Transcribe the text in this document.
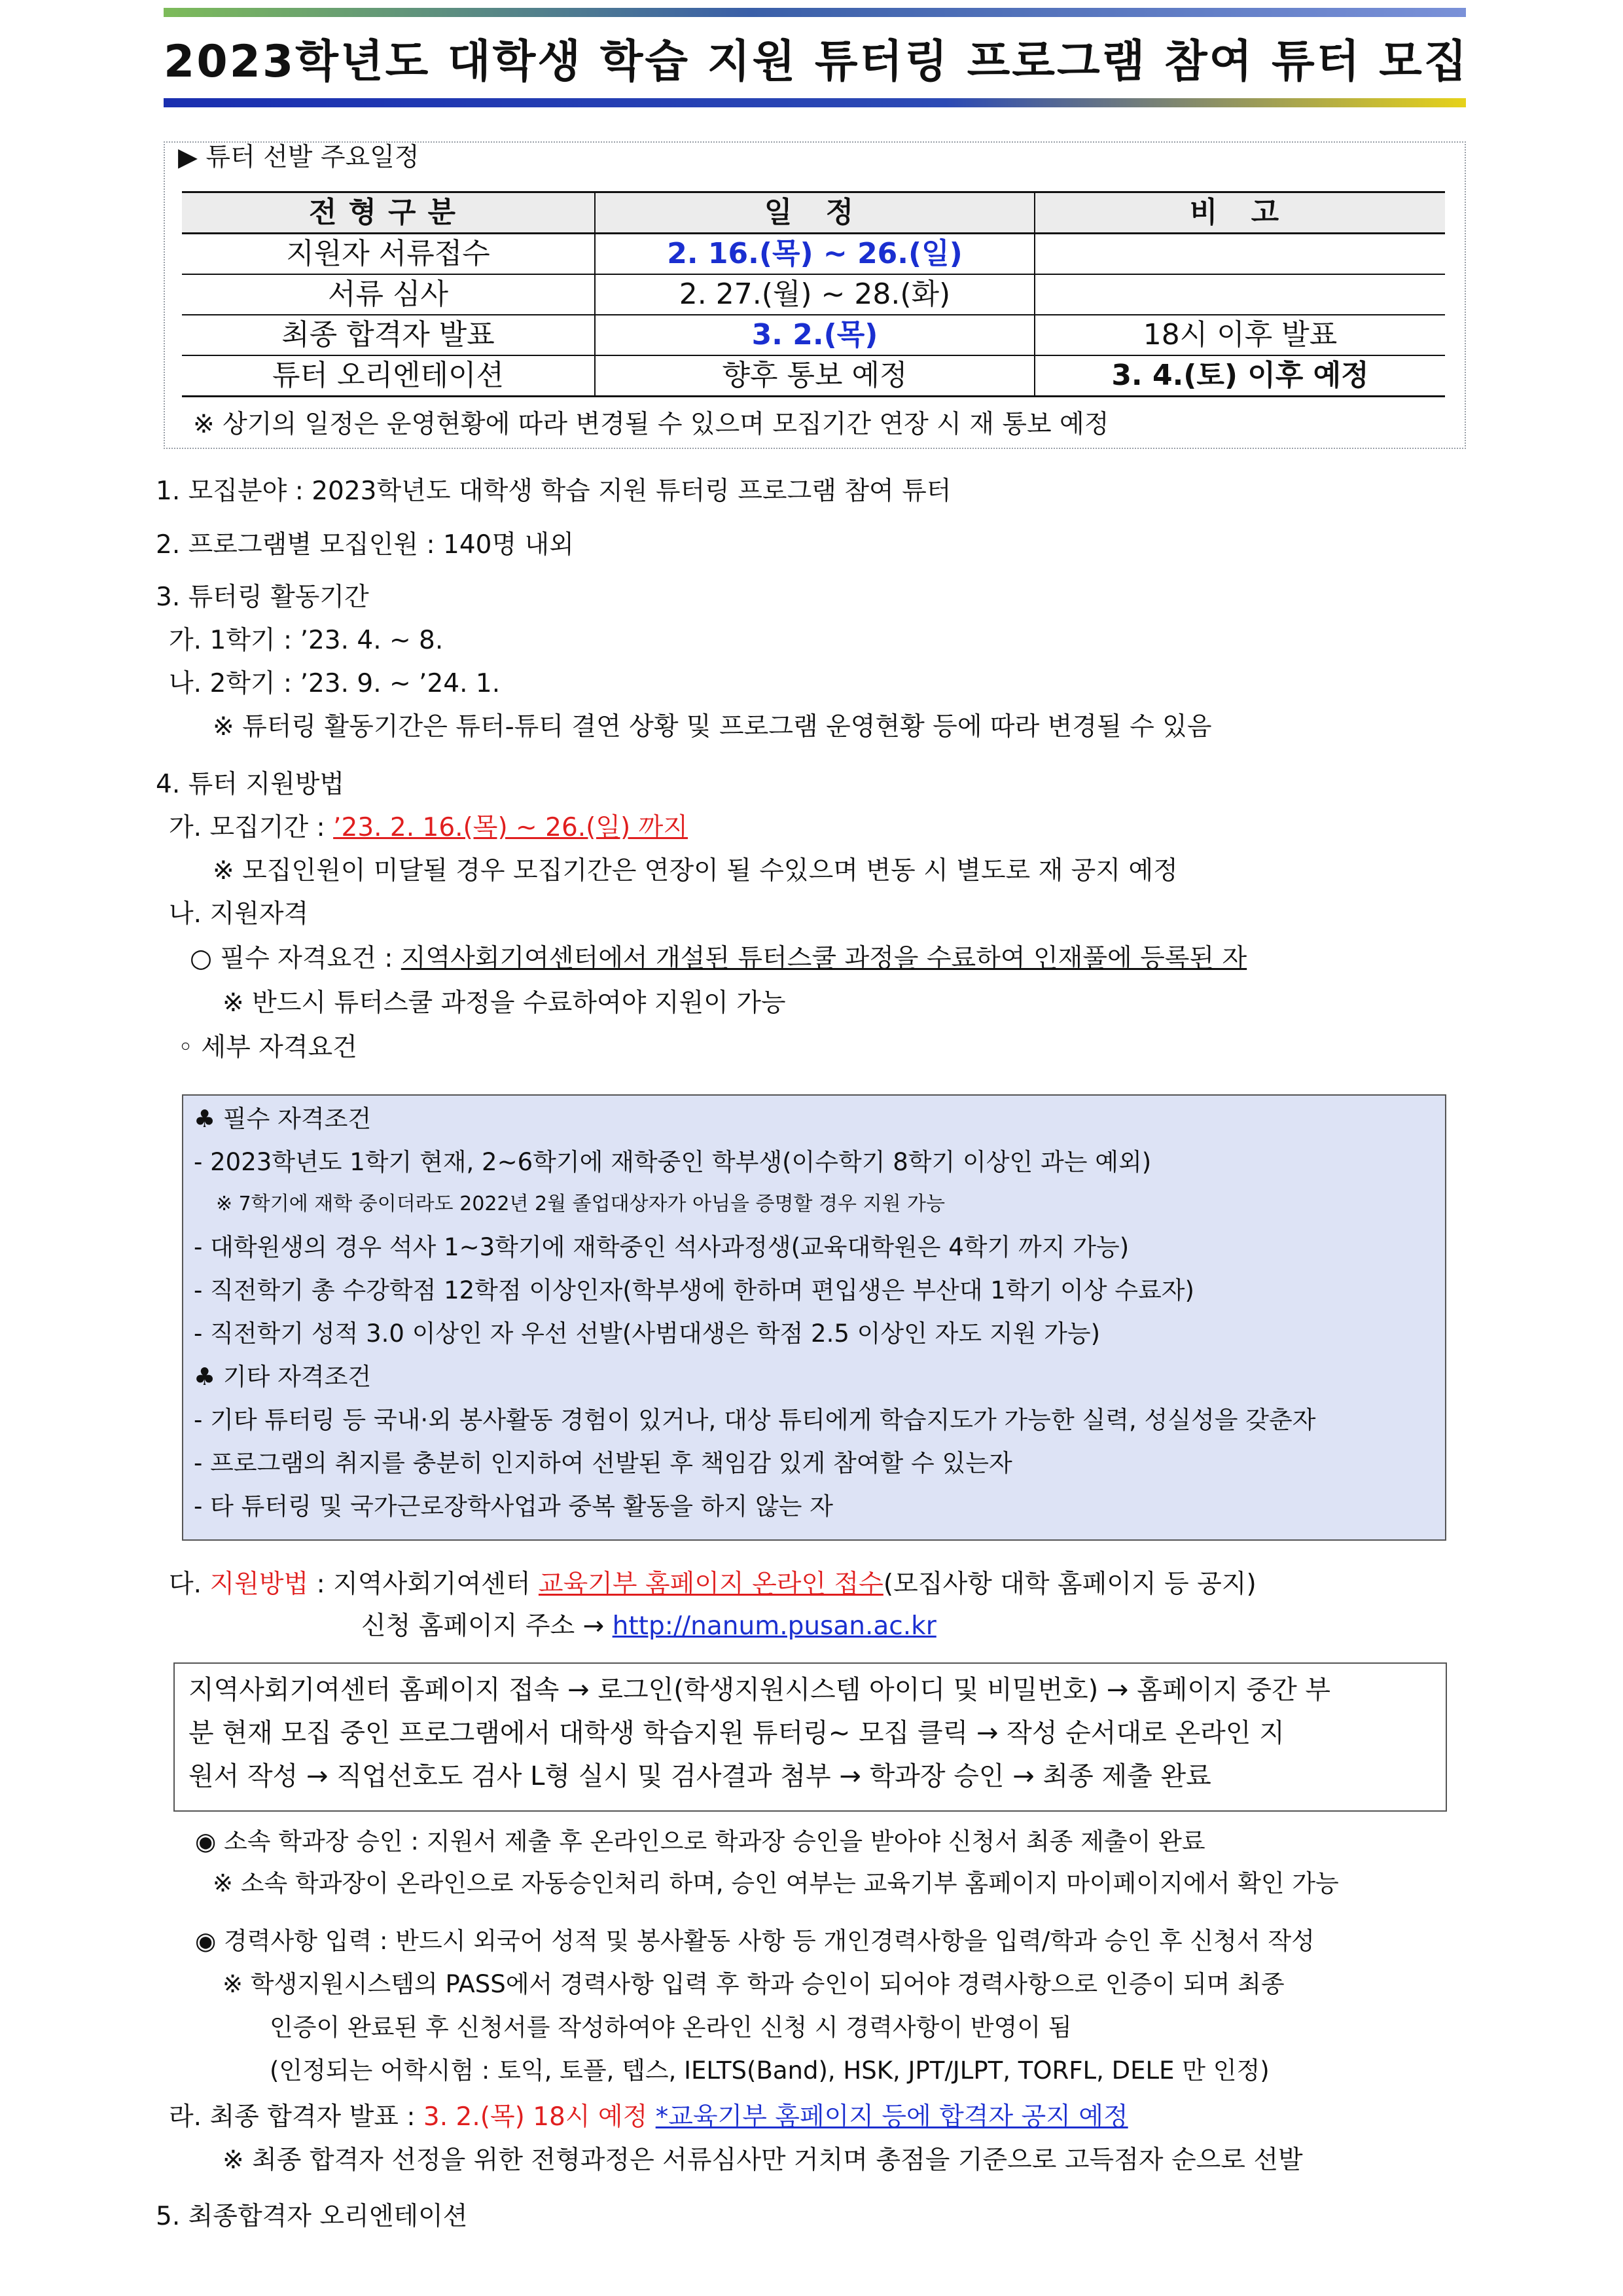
2023학년도 대학생 학습 지원 튜터링 프로그램 참여 튜터 모집
▶ 튜터 선발 주요일정
전형구분	일 정	비 고
지원자 서류접수	2. 16.(목) ~ 26.(일)	
서류 심사	2. 27.(월) ~ 28.(화)	
최종 합격자 발표	3. 2.(목)	18시 이후 발표
튜터 오리엔테이션	향후 통보 예정	3. 4.(토) 이후 예정
※ 상기의 일정은 운영현황에 따라 변경될 수 있으며 모집기간 연장 시 재 통보 예정
1. 모집분야 : 2023학년도 대학생 학습 지원 튜터링 프로그램 참여 튜터
2. 프로그램별 모집인원 : 140명 내외
3. 튜터링 활동기간
가. 1학기 : ’23. 4. ~ 8.
나. 2학기 : ’23. 9. ~ ’24. 1.
※ 튜터링 활동기간은 튜터-튜티 결연 상황 및 프로그램 운영현황 등에 따라 변경될 수 있음
4. 튜터 지원방법
가. 모집기간 : ’23. 2. 16.(목) ~ 26.(일) 까지
※ 모집인원이 미달될 경우 모집기간은 연장이 될 수있으며 변동 시 별도로 재 공지 예정
나. 지원자격
○ 필수 자격요건 : 지역사회기여센터에서 개설된 튜터스쿨 과정을 수료하여 인재풀에 등록된 자
※ 반드시 튜터스쿨 과정을 수료하여야 지원이 가능
◦ 세부 자격요건
♣ 필수 자격조건
- 2023학년도 1학기 현재, 2~6학기에 재학중인 학부생(이수학기 8학기 이상인 과는 예외)
※ 7학기에 재학 중이더라도 2022년 2월 졸업대상자가 아님을 증명할 경우 지원 가능
- 대학원생의 경우 석사 1~3학기에 재학중인 석사과정생(교육대학원은 4학기 까지 가능)
- 직전학기 총 수강학점 12학점 이상인자(학부생에 한하며 편입생은 부산대 1학기 이상 수료자)
- 직전학기 성적 3.0 이상인 자 우선 선발(사범대생은 학점 2.5 이상인 자도 지원 가능)
♣ 기타 자격조건
- 기타 튜터링 등 국내·외 봉사활동 경험이 있거나, 대상 튜티에게 학습지도가 가능한 실력, 성실성을 갖춘자
- 프로그램의 취지를 충분히 인지하여 선발된 후 책임감 있게 참여할 수 있는자
- 타 튜터링 및 국가근로장학사업과 중복 활동을 하지 않는 자
다. 지원방법 : 지역사회기여센터 교육기부 홈페이지 온라인 접수(모집사항 대학 홈페이지 등 공지)
신청 홈페이지 주소 → http://nanum.pusan.ac.kr
지역사회기여센터 홈페이지 접속 → 로그인(학생지원시스템 아이디 및 비밀번호) → 홈페이지 중간 부
분 현재 모집 중인 프로그램에서 대학생 학습지원 튜터링~ 모집 클릭 → 작성 순서대로 온라인 지
원서 작성 → 직업선호도 검사 L형 실시 및 검사결과 첨부 → 학과장 승인 → 최종 제출 완료
◉ 소속 학과장 승인 : 지원서 제출 후 온라인으로 학과장 승인을 받아야 신청서 최종 제출이 완료
※ 소속 학과장이 온라인으로 자동승인처리 하며, 승인 여부는 교육기부 홈페이지 마이페이지에서 확인 가능
◉ 경력사항 입력 : 반드시 외국어 성적 및 봉사활동 사항 등 개인경력사항을 입력/학과 승인 후 신청서 작성
※ 학생지원시스템의 PASS에서 경력사항 입력 후 학과 승인이 되어야 경력사항으로 인증이 되며 최종
인증이 완료된 후 신청서를 작성하여야 온라인 신청 시 경력사항이 반영이 됨
(인정되는 어학시험 : 토익, 토플, 텝스, IELTS(Band), HSK, JPT/JLPT, TORFL, DELE 만 인정)
라. 최종 합격자 발표 : 3. 2.(목) 18시 예정 *교육기부 홈페이지 등에 합격자 공지 예정
※ 최종 합격자 선정을 위한 전형과정은 서류심사만 거치며 총점을 기준으로 고득점자 순으로 선발
5. 최종합격자 오리엔테이션
